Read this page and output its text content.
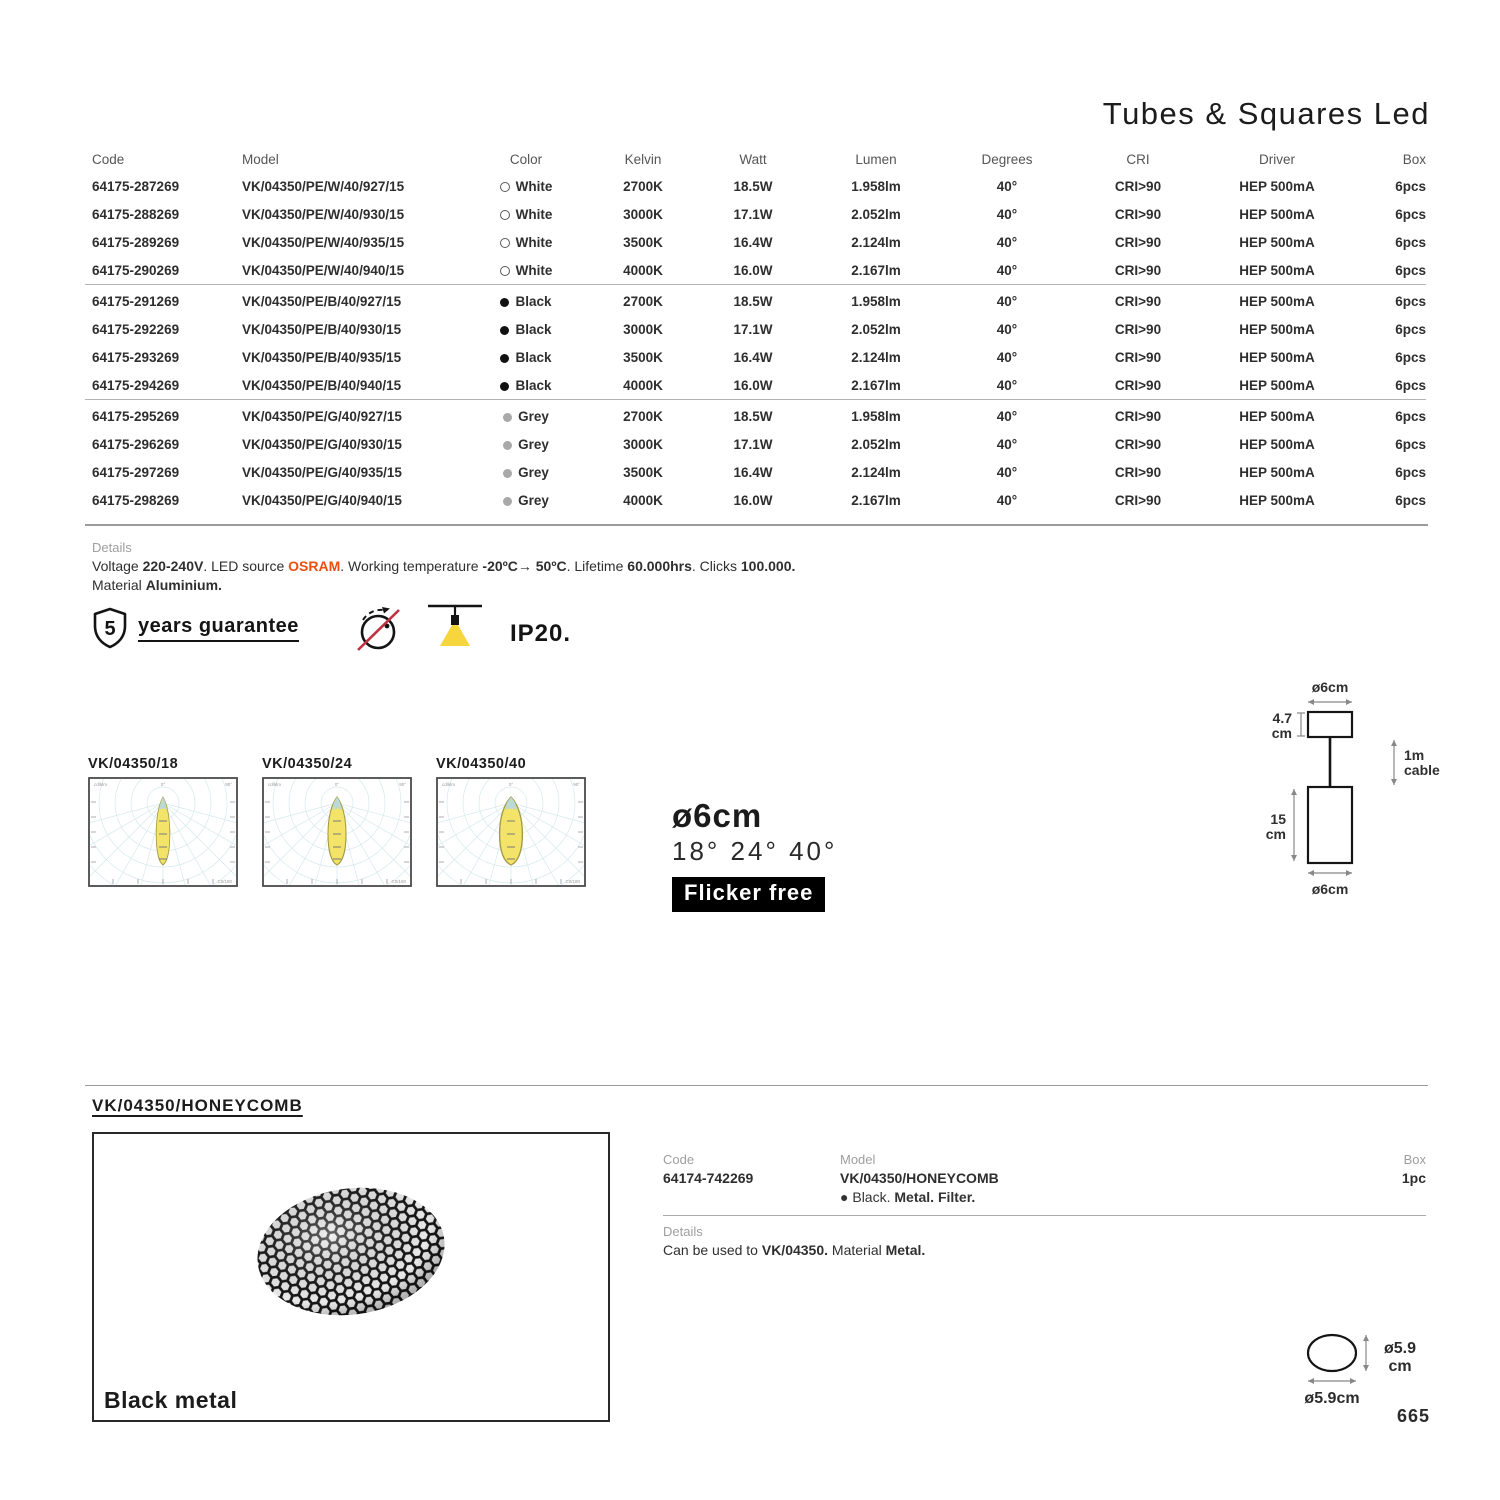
Tubes & Squares Led
Code	Model	Color	Kelvin	Watt	Lumen	Degrees	CRI	Driver	Box
64175-287269	VK/04350/PE/W/40/927/15	White	2700K	18.5W	1.958lm	40°	CRI>90	HEP 500mA	6pcs
64175-288269	VK/04350/PE/W/40/930/15	White	3000K	17.1W	2.052lm	40°	CRI>90	HEP 500mA	6pcs
64175-289269	VK/04350/PE/W/40/935/15	White	3500K	16.4W	2.124lm	40°	CRI>90	HEP 500mA	6pcs
64175-290269	VK/04350/PE/W/40/940/15	White	4000K	16.0W	2.167lm	40°	CRI>90	HEP 500mA	6pcs
64175-291269	VK/04350/PE/B/40/927/15	Black	2700K	18.5W	1.958lm	40°	CRI>90	HEP 500mA	6pcs
64175-292269	VK/04350/PE/B/40/930/15	Black	3000K	17.1W	2.052lm	40°	CRI>90	HEP 500mA	6pcs
64175-293269	VK/04350/PE/B/40/935/15	Black	3500K	16.4W	2.124lm	40°	CRI>90	HEP 500mA	6pcs
64175-294269	VK/04350/PE/B/40/940/15	Black	4000K	16.0W	2.167lm	40°	CRI>90	HEP 500mA	6pcs
64175-295269	VK/04350/PE/G/40/927/15	Grey	2700K	18.5W	1.958lm	40°	CRI>90	HEP 500mA	6pcs
64175-296269	VK/04350/PE/G/40/930/15	Grey	3000K	17.1W	2.052lm	40°	CRI>90	HEP 500mA	6pcs
64175-297269	VK/04350/PE/G/40/935/15	Grey	3500K	16.4W	2.124lm	40°	CRI>90	HEP 500mA	6pcs
64175-298269	VK/04350/PE/G/40/940/15	Grey	4000K	16.0W	2.167lm	40°	CRI>90	HEP 500mA	6pcs
Details
Voltage 220-240V. LED source OSRAM. Working temperature -20ºC→ 50ºC. Lifetime 60.000hrs. Clicks 100.000.
Material Aluminium.
5 years guarantee	IP20.
VK/04350/18
cd/klm	0°	90°
C0/180
VK/04350/24
cd/klm	0°	90°
C0/180
VK/04350/40
cd/klm	0°	90°
C0/180
ø6cm
18° 24° 40°
Flicker free
ø6cm
4.7
cm
1m
cable
15
cm
ø6cm
VK/04350/HONEYCOMB
Black metal
Code	Model	Box
64174-742269	VK/04350/HONEYCOMB	1pc
● Black. Metal. Filter.
Details
Can be used to VK/04350. Material Metal.
ø5.9
cm
ø5.9cm
665
